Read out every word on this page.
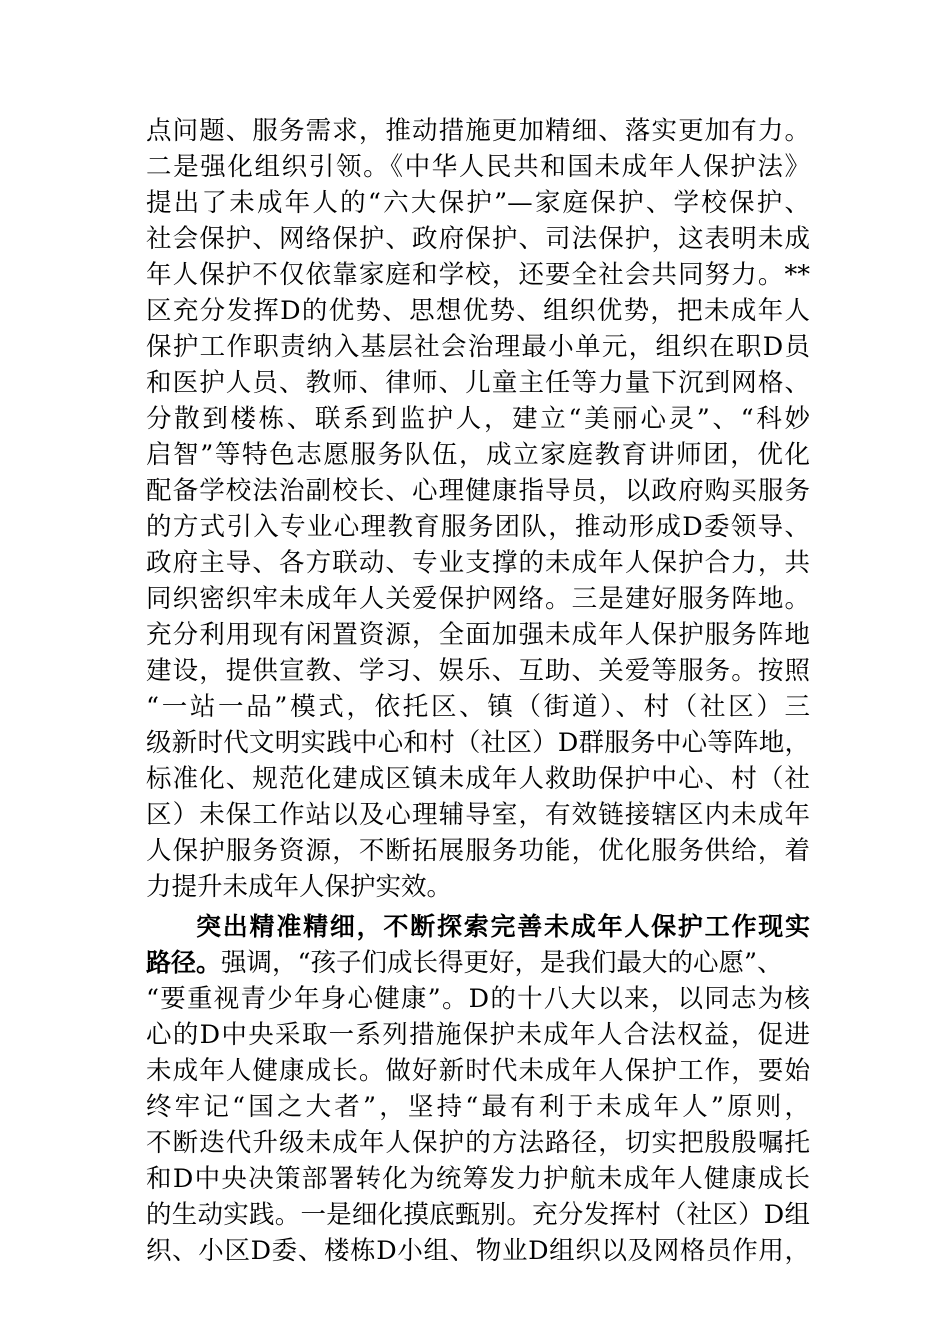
点问题、服务需求，推动措施更加精细、落实更加有力。
二是强化组织引领。《中华人民共和国未成年人保护法》
提出了未成年人的“六大保护”—家庭保护、学校保护、
社会保护、网络保护、政府保护、司法保护，这表明未成
年人保护不仅依靠家庭和学校，还要全社会共同努力。**
区充分发挥D的优势、思想优势、组织优势，把未成年人
保护工作职责纳入基层社会治理最小单元，组织在职D员
和医护人员、教师、律师、儿童主任等力量下沉到网格、
分散到楼栋、联系到监护人，建立“美丽心灵”、“科妙
启智”等特色志愿服务队伍，成立家庭教育讲师团，优化
配备学校法治副校长、心理健康指导员，以政府购买服务
的方式引入专业心理教育服务团队，推动形成D委领导、
政府主导、各方联动、专业支撑的未成年人保护合力，共
同织密织牢未成年人关爱保护网络。三是建好服务阵地。
充分利用现有闲置资源，全面加强未成年人保护服务阵地
建设，提供宣教、学习、娱乐、互助、关爱等服务。按照
“一站一品”模式，依托区、镇（街道）、村（社区）三
级新时代文明实践中心和村（社区）D群服务中心等阵地，
标准化、规范化建成区镇未成年人救助保护中心、村（社
区）未保工作站以及心理辅导室，有效链接辖区内未成年
人保护服务资源，不断拓展服务功能，优化服务供给，着
力提升未成年人保护实效。
突出精准精细，不断探索完善未成年人保护工作现实
路径。强调，“孩子们成长得更好，是我们最大的心愿”、
“要重视青少年身心健康”。D的十八大以来，以同志为核
心的D中央采取一系列措施保护未成年人合法权益，促进
未成年人健康成长。做好新时代未成年人保护工作，要始
终牢记“国之大者”，坚持“最有利于未成年人”原则，
不断迭代升级未成年人保护的方法路径，切实把殷殷嘱托
和D中央决策部署转化为统筹发力护航未成年人健康成长
的生动实践。一是细化摸底甄别。充分发挥村（社区）D组
织、小区D委、楼栋D小组、物业D组织以及网格员作用，
